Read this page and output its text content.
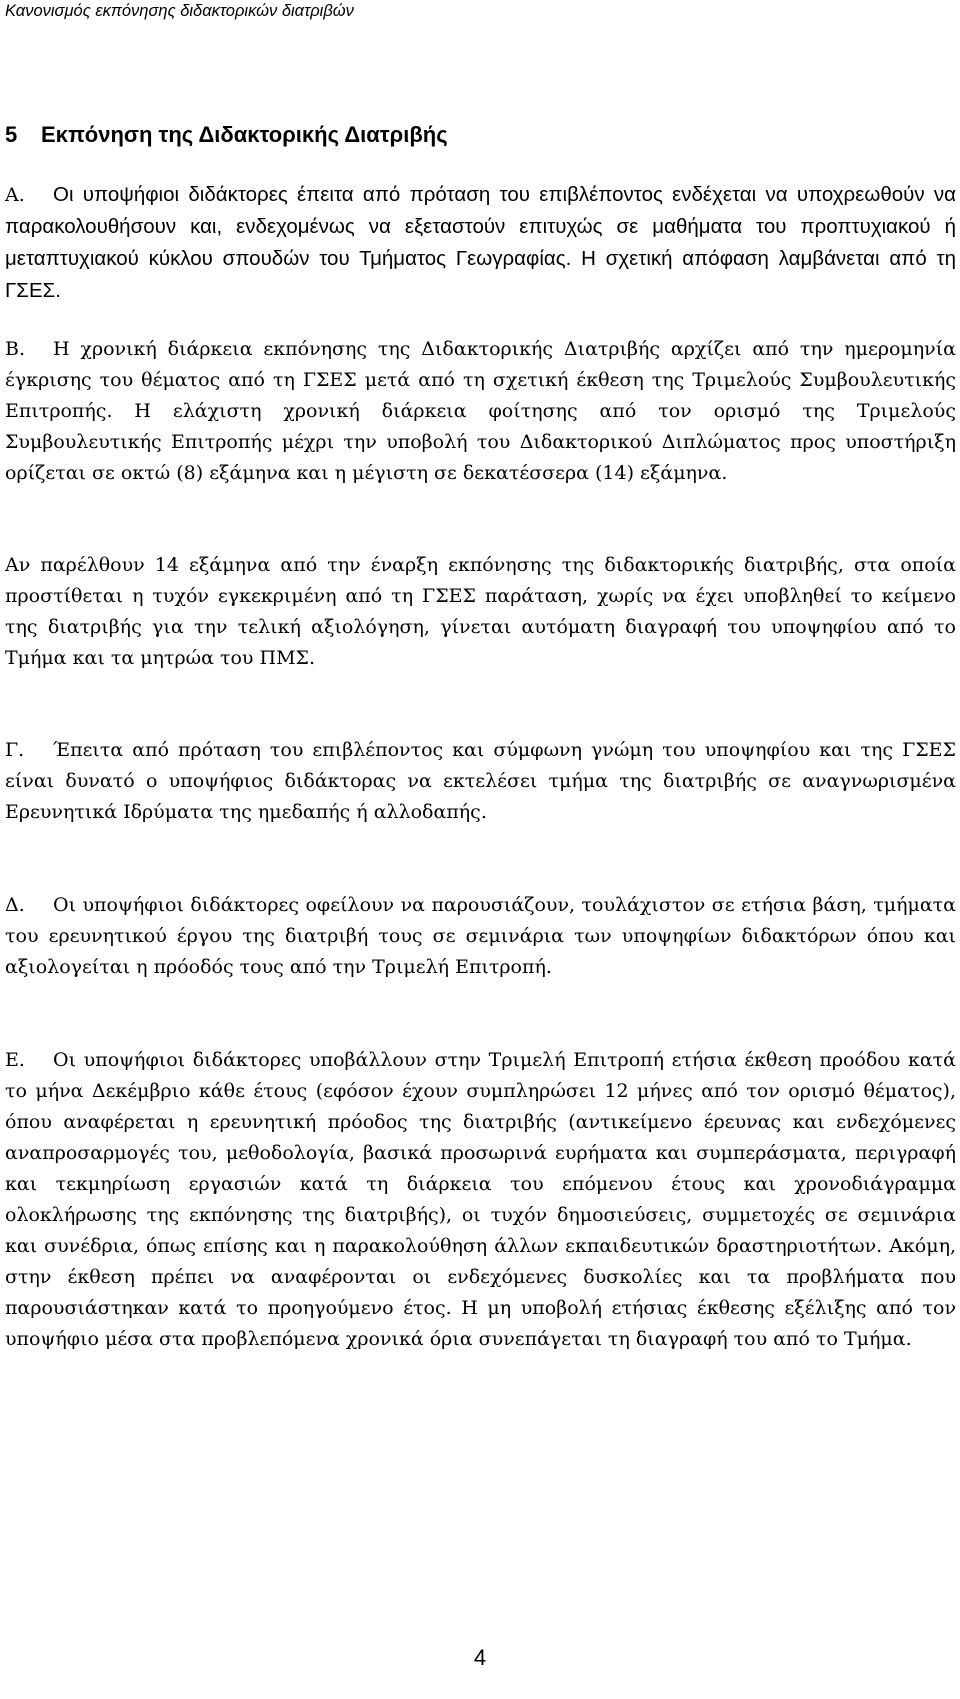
Κανονισμός εκπόνησης διδακτορικών διατριβών
5 Εκπόνηση της Διδακτορικής Διατριβής

Α. Οι υποψήφιοι διδάκτορες έπειτα από πρόταση του επιβλέποντος ενδέχεται να υποχρεωθούν να παρακολουθήσουν και, ενδεχομένως να εξεταστούν επιτυχώς σε μαθήματα του προπτυχιακού ή μεταπτυχιακού κύκλου σπουδών του Τμήματος Γεωγραφίας. Η σχετική απόφαση λαμβάνεται από τη ΓΣΕΣ.

Β. Η χρονική διάρκεια εκπόνησης της Διδακτορικής Διατριβής αρχίζει από την ημερομηνία έγκρισης του θέματος από τη ΓΣΕΣ μετά από τη σχετική έκθεση της Τριμελούς Συμβουλευτικής Επιτροπής. Η ελάχιστη χρονική διάρκεια φοίτησης από τον ορισμό της Τριμελούς Συμβουλευτικής Επιτροπής μέχρι την υποβολή του Διδακτορικού Διπλώματος προς υποστήριξη ορίζεται σε οκτώ (8) εξάμηνα και η μέγιστη σε δεκατέσσερα (14) εξάμηνα.

Αν παρέλθουν 14 εξάμηνα από την έναρξη εκπόνησης της διδακτορικής διατριβής, στα οποία προστίθεται η τυχόν εγκεκριμένη από τη ΓΣΕΣ παράταση, χωρίς να έχει υποβληθεί το κείμενο της διατριβής για την τελική αξιολόγηση, γίνεται αυτόματη διαγραφή του υποψηφίου από το Τμήμα και τα μητρώα του ΠΜΣ.

Γ. Έπειτα από πρόταση του επιβλέποντος και σύμφωνη γνώμη του υποψηφίου και της ΓΣΕΣ είναι δυνατό ο υποψήφιος διδάκτορας να εκτελέσει τμήμα της διατριβής σε αναγνωρισμένα Ερευνητικά Ιδρύματα της ημεδαπής ή αλλοδαπής.

Δ. Οι υποψήφιοι διδάκτορες οφείλουν να παρουσιάζουν, τουλάχιστον σε ετήσια βάση, τμήματα του ερευνητικού έργου της διατριβή τους σε σεμινάρια των υποψηφίων διδακτόρων όπου και αξιολογείται η πρόοδός τους από την Τριμελή Επιτροπή.

Ε. Οι υποψήφιοι διδάκτορες υποβάλλουν στην Τριμελή Επιτροπή ετήσια έκθεση προόδου κατά το μήνα Δεκέμβριο κάθε έτους (εφόσον έχουν συμπληρώσει 12 μήνες από τον ορισμό θέματος), όπου αναφέρεται η ερευνητική πρόοδος της διατριβής (αντικείμενο έρευνας και ενδεχόμενες αναπροσαρμογές του, μεθοδολογία, βασικά προσωρινά ευρήματα και συμπεράσματα, περιγραφή και τεκμηρίωση εργασιών κατά τη διάρκεια του επόμενου έτους και χρονοδιάγραμμα ολοκλήρωσης της εκπόνησης της διατριβής), οι τυχόν δημοσιεύσεις, συμμετοχές σε σεμινάρια και συνέδρια, όπως επίσης και η παρακολούθηση άλλων εκπαιδευτικών δραστηριοτήτων. Ακόμη, στην έκθεση πρέπει να αναφέρονται οι ενδεχόμενες δυσκολίες και τα προβλήματα που παρουσιάστηκαν κατά το προηγούμενο έτος. Η μη υποβολή ετήσιας έκθεσης εξέλιξης από τον υποψήφιο μέσα στα προβλεπόμενα χρονικά όρια συνεπάγεται τη διαγραφή του από το Τμήμα.

4
